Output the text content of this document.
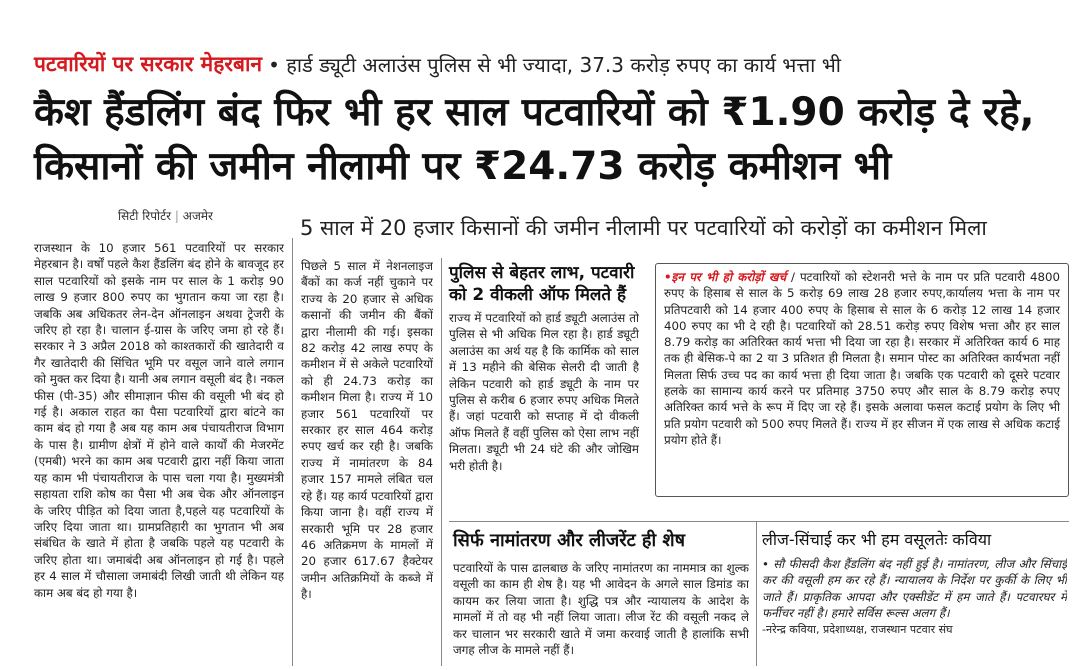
पटवारियों पर सरकार मेहरबान • हार्ड ड्यूटी अलाउंस पुलिस से भी ज्यादा, 37.3 करोड़ रुपए का कार्य भत्ता भी
कैश हैंडलिंग बंद फिर भी हर साल पटवारियों को ₹1.90 करोड़ दे रहे, किसानों की जमीन नीलामी पर ₹24.73 करोड़ कमीशन भी
सिटी रिपोर्टर | अजमेर	5 साल में 20 हजार किसानों की जमीन नीलामी पर पटवारियों को करोड़ों का कमीशन मिला

राजस्थान के 10 हजार 561 पटवारियों पर सरकार मेहरबान है। वर्षों पहले कैश हैंडलिंग बंद होने के बावजूद हर साल पटवारियों को इसके नाम पर साल के 1 करोड़ 90 लाख 9 हजार 800 रुपए का भुगतान कया जा रहा है। जबकि अब अधिकतर लेन-देन ऑनलाइन अथवा ट्रेजरी के जरिए हो रहा है। चालान ई-ग्रास के जरिए जमा हो रहे हैं। सरकार ने 3 अप्रैल 2018 को काश्तकारों की खातेदारी व गैर खातेदारी की सिंचित भूमि पर वसूल जाने वाले लगान को मुक्त कर दिया है। यानी अब लगान वसूली बंद है। नकल फीस (पी-35) और सीमाज्ञान फीस की वसूली भी बंद हो गई है। अकाल राहत का पैसा पटवारियों द्वारा बांटने का काम बंद हो गया है अब यह काम अब पंचायतीराज विभाग के पास है। ग्रामीण क्षेत्रों में होने वाले कार्यों की मेजरमेंट (एमबी) भरने का काम अब पटवारी द्वारा नहीं किया जाता यह काम भी पंचायतीराज के पास चला गया है। मुख्यमंत्री सहायता राशि कोष का पैसा भी अब चेक और ऑनलाइन के जरिए पीड़ित को दिया जाता है,पहले यह पटवारियों के जरिए दिया जाता था। ग्रामप्रतिहारी का भुगतान भी अब संबंधित के खाते में होता है जबकि पहले यह पटवारी के जरिए होता था। जमाबंदी अब ऑनलाइन हो गई है। पहले हर 4 साल में चौसाला जमाबंदी लिखी जाती थी लेकिन यह काम अब बंद हो गया है।

पिछले 5 साल में नेशनलाइज बैंकों का कर्ज नहीं चुकाने पर राज्य के 20 हजार से अधिक कसानों की जमीन की बैंकों द्वारा नीलामी की गई। इसका 82 करोड़ 42 लाख रुपए के कमीशन में से अकेले पटवारियों को ही 24.73 करोड़ का कमीशन मिला है। राज्य में 10 हजार 561 पटवारियों पर सरकार हर साल 464 करोड़ रुपए खर्च कर रही है। जबकि राज्य में नामांतरण के 84 हजार 157 मामले लंबित चल रहे हैं। यह कार्य पटवारियों द्वारा किया जाना है। वहीं राज्य में सरकारी भूमि पर 28 हजार 46 अतिक्रमण के मामलों में 20 हजार 617.67 हैक्टेयर जमीन अतिक्रमियों के कब्जे में है।

पुलिस से बेहतर लाभ, पटवारी को 2 वीकली ऑफ मिलते हैं

राज्य में पटवारियों को हार्ड ड्यूटी अलाउंस तो पुलिस से भी अधिक मिल रहा है। हार्ड ड्यूटी अलाउंस का अर्थ यह है कि कार्मिक को साल में 13 महीने की बेसिक सेलरी दी जाती है लेकिन पटवारी को हार्ड ड्यूटी के नाम पर पुलिस से करीब 6 हजार रुपए अधिक मिलते हैं। जहां पटवारी को सप्ताह में दो वीकली ऑफ मिलते हैं वहीं पुलिस को ऐसा लाभ नहीं मिलता। ड्यूटी भी 24 घंटे की और जोखिम भरी होती है।

•इन पर भी हो करोड़ों खर्च / पटवारियों को स्टेशनरी भत्ते के नाम पर प्रति पटवारी 4800 रुपए के हिसाब से साल के 5 करोड़ 69 लाख 28 हजार रुपए,कार्यालय भत्ता के नाम पर प्रतिपटवारी को 14 हजार 400 रुपए के हिसाब से साल के 6 करोड़ 12 लाख 14 हजार 400 रुपए का भी दे रही है। पटवारियों को 28.51 करोड़ रुपए विशेष भत्ता और हर साल 8.79 करोड़ का अतिरिक्त कार्य भत्ता भी दिया जा रहा है। सरकार में अतिरिक्त कार्य 6 माह तक ही बेसिक-पे का 2 या 3 प्रतिशत ही मिलता है। समान पोस्ट का अतिरिक्त कार्यभता नहीं मिलता सिर्फ उच्च पद का कार्य भत्ता ही दिया जाता है। जबकि एक पटवारी को दूसरे पटवार हलके का सामान्य कार्य करने पर प्रतिमाह 3750 रुपए और साल के 8.79 करोड़ रुपए अतिरिक्त कार्य भत्ते के रूप में दिए जा रहे हैं। इसके अलावा फसल कटाई प्रयोग के लिए भी प्रति प्रयोग पटवारी को 500 रुपए मिलते हैं। राज्य में हर सीजन में एक लाख से अधिक कटाई प्रयोग होते हैं।
सिर्फ नामांतरण और लीजरेंट ही शेष

पटवारियों के पास ढालबाछ के जरिए नामांतरण का नाममात्र का शुल्क वसूली का काम ही शेष है। यह भी आवेदन के अगले साल डिमांड का कायम कर लिया जाता है। शुद्धि पत्र और न्यायालय के आदेश के मामलों में तो वह भी नहीं लिया जाता। लीज रेंट की वसूली नकद ले कर चालान भर सरकारी खाते में जमा करवाई जाती है हालांकि सभी जगह लीज के मामले नहीं हैं।

लीज-सिंचाई कर भी हम वसूलतेः कविया
• सौ फीसदी कैश हैंडलिंग बंद नहीं हुई है। नामांतरण, लीज और सिंचाई कर की वसूली हम कर रहे हैं। न्यायालय के निर्देश पर कुर्की के लिए भी जाते हैं। प्राकृतिक आपदा और एक्सीडेंट में हम जाते हैं। पटवारघर में फर्नीचर नहीं है। हमारे सर्विस रूल्स अलग हैं।
-नरेन्द्र कविया, प्रदेशाध्यक्ष, राजस्थान पटवार संघ
